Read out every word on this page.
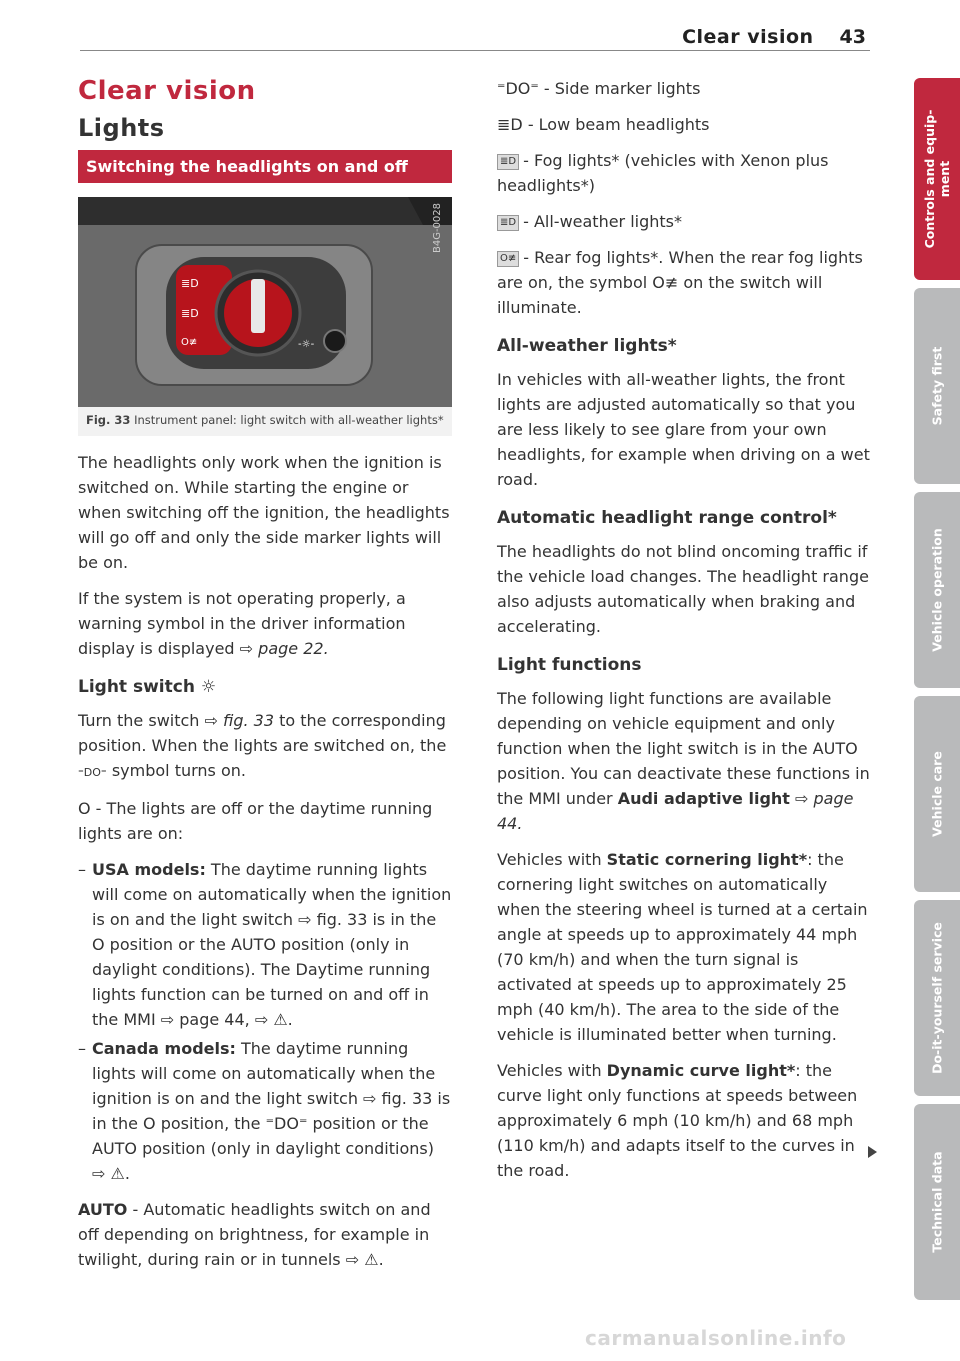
Clear vision 43
Clear vision
Lights
Switching the headlights on and off
≣D
≣D
O≢	-☼-
B4G-0028
Fig. 33 Instrument panel: light switch with all-weather lights*

The headlights only work when the ignition is switched on. While starting the engine or when switching off the ignition, the headlights will go off and only the side marker lights will be on.

If the system is not operating properly, a warning symbol in the driver information display is displayed ⇨ page 22.

Light switch ☼

Turn the switch ⇨ fig. 33 to the corresponding position. When the lights are switched on, the ⁼DO⁼ symbol turns on.

O - The lights are off or the daytime running lights are on:

– USA models: The daytime running lights will come on automatically when the ignition is on and the light switch ⇨ fig. 33 is in the O position or the AUTO position (only in daylight conditions). The Daytime running lights function can be turned on and off in the MMI ⇨ page 44, ⇨ ⚠.
– Canada models: The daytime running lights will come on automatically when the ignition is on and the light switch ⇨ fig. 33 is in the O position, the ⁼DO⁼ position or the AUTO position (only in daylight conditions) ⇨ ⚠.

AUTO - Automatic headlights switch on and off depending on brightness, for example in twilight, during rain or in tunnels ⇨ ⚠.

⁼DO⁼ - Side marker lights

≣D - Low beam headlights

≣D - Fog lights* (vehicles with Xenon plus headlights*)

≣D - All-weather lights*

O≢ - Rear fog lights*. When the rear fog lights are on, the symbol O≢ on the switch will illuminate.

All-weather lights*

In vehicles with all-weather lights, the front lights are adjusted automatically so that you are less likely to see glare from your own headlights, for example when driving on a wet road.

Automatic headlight range control*

The headlights do not blind oncoming traffic if the vehicle load changes. The headlight range also adjusts automatically when braking and accelerating.

Light functions

The following light functions are available depending on vehicle equipment and only function when the light switch is in the AUTO position. You can deactivate these functions in the MMI under Audi adaptive light ⇨ page 44.

Vehicles with Static cornering light*: the cornering light switches on automatically when the steering wheel is turned at a certain angle at speeds up to approximately 44 mph (70 km/h) and when the turn signal is activated at speeds up to approximately 25 mph (40 km/h). The area to the side of the vehicle is illuminated better when turning.

Vehicles with Dynamic curve light*: the curve light only functions at speeds between approximately 6 mph (10 km/h) and 68 mph (110 km/h) and adapts itself to the curves in the road.

Controls and equip- ment
Safety first
Vehicle operation
Vehicle care
Do-it-yourself service
Technical data
carmanualsonline.info
